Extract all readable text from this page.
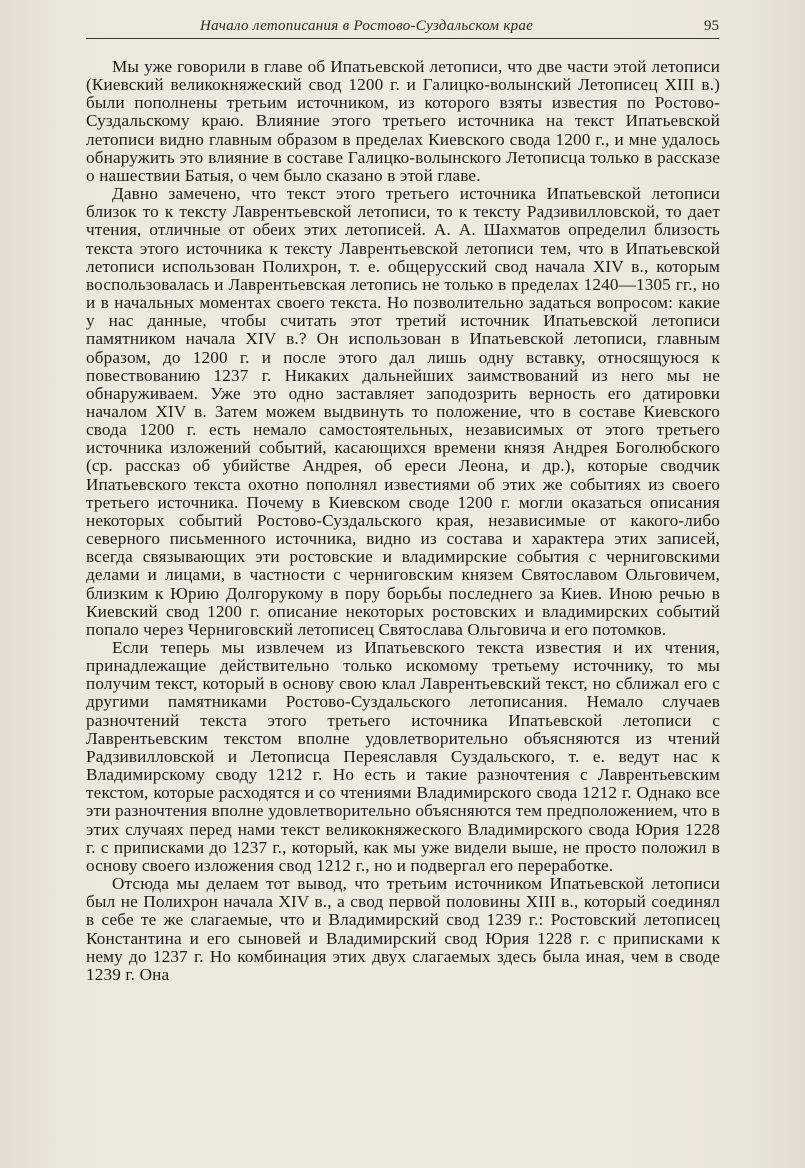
Начало летописания в Ростово-Суздальском крае	95

Мы уже говорили в главе об Ипатьевской летописи, что две части этой летописи (Киевский великокняжеский свод 1200 г. и Галицко-волынский Летописец XIII в.) были пополнены третьим источником, из которого взяты известия по Ростово-Суздальскому краю. Влияние этого третьего источника на текст Ипатьевской летописи видно главным образом в пределах Киевского свода 1200 г., и мне удалось обнаружить это влияние в составе Галицко-волынского Летописца только в рассказе о нашествии Батыя, о чем было сказано в этой главе.

Давно замечено, что текст этого третьего источника Ипатьевской летописи близок то к тексту Лаврентьевской летописи, то к тексту Радзивилловской, то дает чтения, отличные от обеих этих летописей. А. А. Шахматов определил близость текста этого источника к тексту Лаврентьевской летописи тем, что в Ипатьевской летописи использован Полихрон, т. е. общерусский свод начала XIV в., которым воспользовалась и Лаврентьевская летопись не только в пределах 1240—1305 гг., но и в начальных моментах своего текста. Но позволительно задаться вопросом: какие у нас данные, чтобы считать этот третий источник Ипатьевской летописи памятником начала XIV в.? Он использован в Ипатьевской летописи, главным образом, до 1200 г. и после этого дал лишь одну вставку, относящуюся к повествованию 1237 г. Никаких дальнейших заимствований из него мы не обнаруживаем. Уже это одно заставляет заподозрить верность его датировки началом XIV в. Затем можем выдвинуть то положение, что в составе Киевского свода 1200 г. есть немало самостоятельных, независимых от этого третьего источника изложений событий, касающихся времени князя Андрея Боголюбского (ср. рассказ об убийстве Андрея, об ереси Леона, и др.), которые сводчик Ипатьевского текста охотно пополнял известиями об этих же событиях из своего третьего источника. Почему в Киевском своде 1200 г. могли оказаться описания некоторых событий Ростово-Суздальского края, независимые от какого-либо северного письменного источника, видно из состава и характера этих записей, всегда связывающих эти ростовские и владимирские события с черниговскими делами и лицами, в частности с черниговским князем Святославом Ольговичем, близким к Юрию Долгорукому в пору борьбы последнего за Киев. Иною речью в Киевский свод 1200 г. описание некоторых ростовских и владимирских событий попало через Черниговский летописец Святослава Ольговича и его потомков.

Если теперь мы извлечем из Ипатьевского текста известия и их чтения, принадлежащие действительно только искомому третьему источнику, то мы получим текст, который в основу свою клал Лаврентьевский текст, но сближал его с другими памятниками Ростово-Суздальского летописания. Немало случаев разночтений текста этого третьего источника Ипатьевской летописи с Лаврентьевским текстом вполне удовлетворительно объясняются из чтений Радзивилловской и Летописца Переяславля Суздальского, т. е. ведут нас к Владимирскому своду 1212 г. Но есть и такие разночтения с Лаврентьевским текстом, которые расходятся и со чтениями Владимирского свода 1212 г. Однако все эти разночтения вполне удовлетворительно объясняются тем предположением, что в этих случаях перед нами текст великокняжеского Владимирского свода Юрия 1228 г. с приписками до 1237 г., который, как мы уже видели выше, не просто положил в основу своего изложения свод 1212 г., но и подвергал его переработке.

Отсюда мы делаем тот вывод, что третьим источником Ипатьевской летописи был не Полихрон начала XIV в., а свод первой половины XIII в., который соединял в себе те же слагаемые, что и Владимирский свод 1239 г.: Ростовский летописец Константина и его сыновей и Владимирский свод Юрия 1228 г. с приписками к нему до 1237 г. Но комбинация этих двух слагаемых здесь была иная, чем в своде 1239 г. Она
